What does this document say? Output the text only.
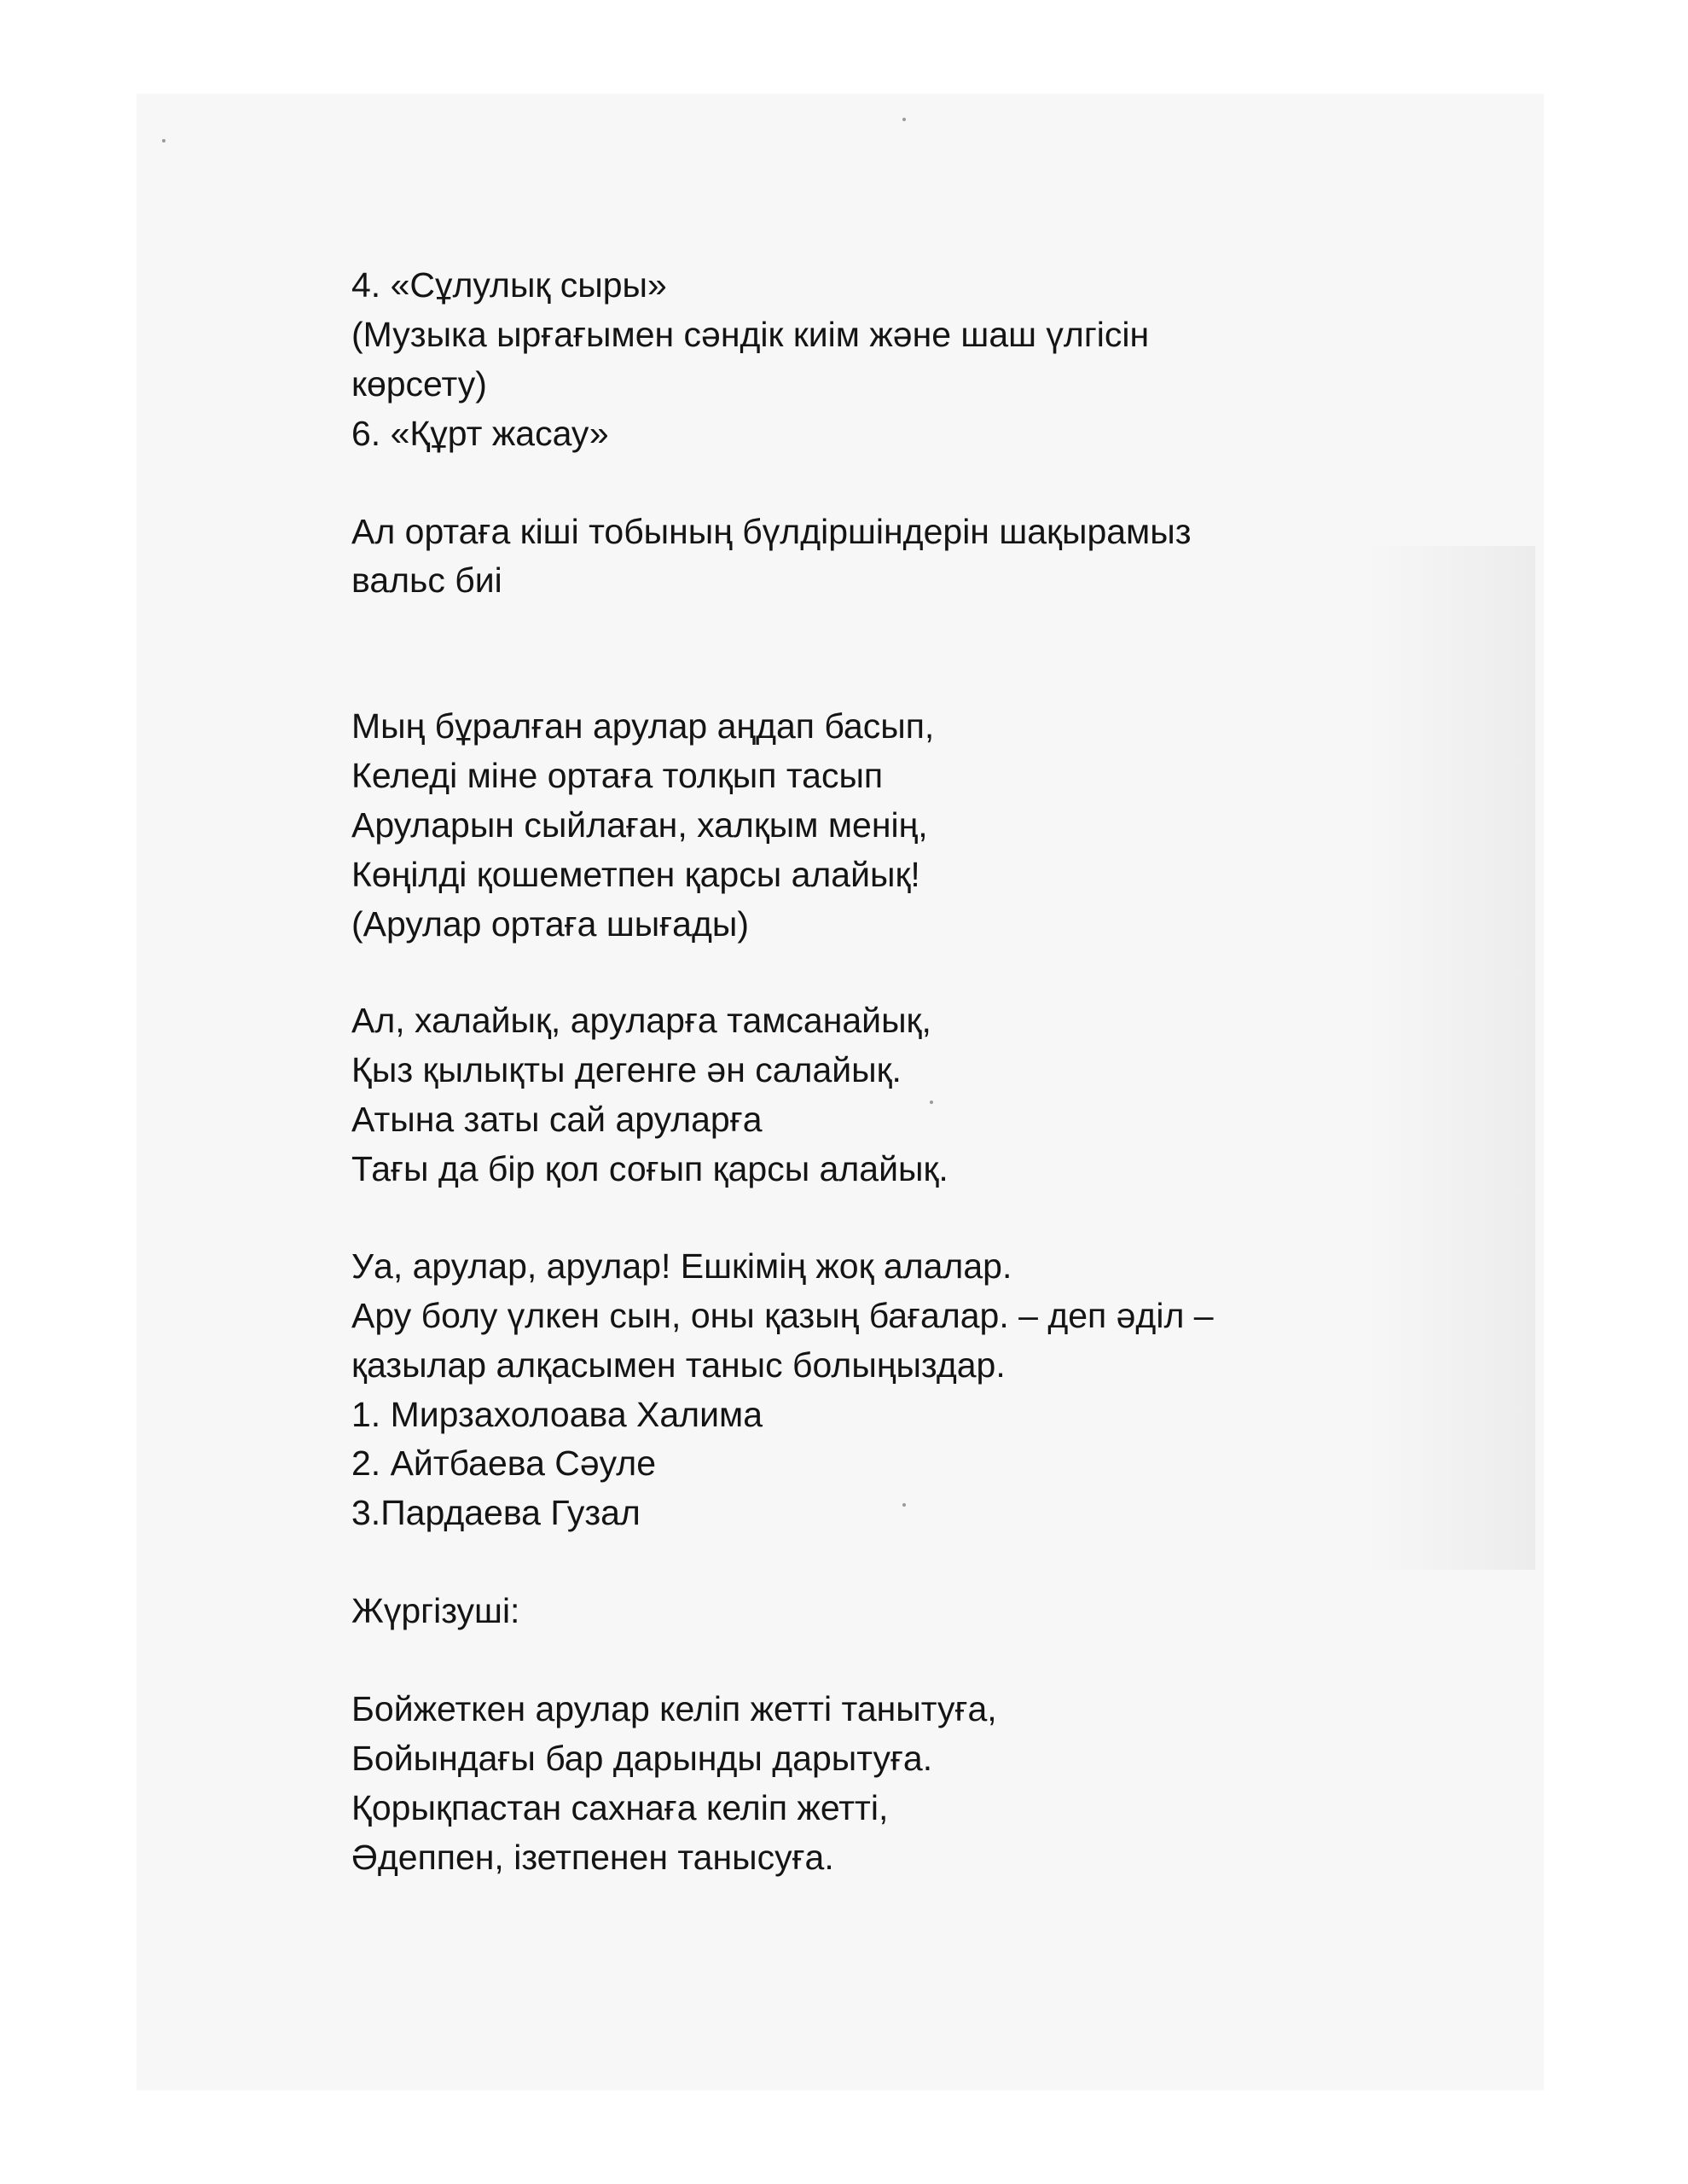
4. «Сұлулық сыры»
(Музыка ырғағымен сәндік киім және шаш үлгісін
көрсету)
6. «Құрт жасау»
Ал ортаға кіші тобының бүлдіршіндерін шақырамыз
вальс биі
Мың бұралған арулар аңдап басып,
Келеді міне ортаға толқып тасып
Аруларын сыйлаған, халқым менің,
Көңілді қошеметпен қарсы алайық!
(Арулар ортаға шығады)
Ал, халайық, аруларға тамсанайық,
Қыз қылықты дегенге ән салайық.
Атына заты сай аруларға
Тағы да бір қол соғып қарсы алайық.
Уа, арулар, арулар! Ешкімің жоқ алалар.
Ару болу үлкен сын, оны қазың бағалар. – деп әділ –
қазылар алқасымен таныс болыңыздар.
1. Мирзахолоава Халима
2. Айтбаева Сәуле
3.Пардаева Гузал
Жүргізуші:
Бойжеткен арулар келіп жетті танытуға,
Бойындағы бар дарынды дарытуға.
Қорықпастан сахнаға келіп жетті,
Әдеппен, ізетпенен танысуға.
